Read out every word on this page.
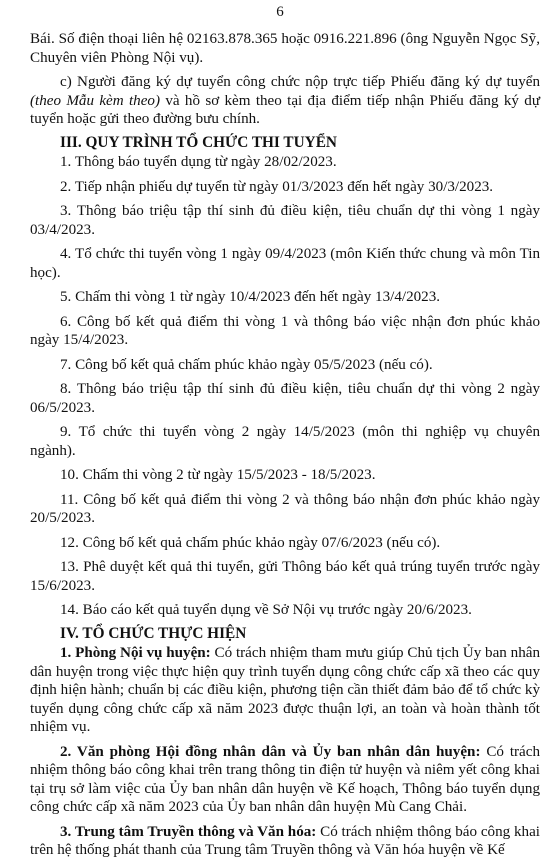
6

Bái. Số điện thoại liên hệ 02163.878.365 hoặc 0916.221.896 (ông Nguyễn Ngọc Sỹ, Chuyên viên Phòng Nội vụ).

c) Người đăng ký dự tuyển công chức nộp trực tiếp Phiếu đăng ký dự tuyển (theo Mẫu kèm theo) và hồ sơ kèm theo tại địa điểm tiếp nhận Phiếu đăng ký dự tuyển hoặc gửi theo đường bưu chính.

III. QUY TRÌNH TỔ CHỨC THI TUYỂN

1. Thông báo tuyển dụng từ ngày 28/02/2023.

2. Tiếp nhận phiếu dự tuyển từ ngày 01/3/2023 đến hết ngày 30/3/2023.

3. Thông báo triệu tập thí sinh đủ điều kiện, tiêu chuẩn dự thi vòng 1 ngày 03/4/2023.

4. Tổ chức thi tuyển vòng 1 ngày 09/4/2023 (môn Kiến thức chung và môn Tin học).

5. Chấm thi vòng 1 từ ngày 10/4/2023 đến hết ngày 13/4/2023.

6. Công bố kết quả điểm thi vòng 1 và thông báo việc nhận đơn phúc khảo ngày 15/4/2023.

7. Công bố kết quả chấm phúc khảo ngày 05/5/2023 (nếu có).

8. Thông báo triệu tập thí sinh đủ điều kiện, tiêu chuẩn dự thi vòng 2 ngày 06/5/2023.

9. Tổ chức thi tuyển vòng 2 ngày 14/5/2023 (môn thi nghiệp vụ chuyên ngành).

10. Chấm thi vòng 2 từ ngày 15/5/2023 - 18/5/2023.

11. Công bố kết quả điểm thi vòng 2 và thông báo nhận đơn phúc khảo ngày 20/5/2023.

12. Công bố kết quả chấm phúc khảo ngày 07/6/2023 (nếu có).

13. Phê duyệt kết quả thi tuyển, gửi Thông báo kết quả trúng tuyển trước ngày 15/6/2023.

14. Báo cáo kết quả tuyển dụng về Sở Nội vụ trước ngày 20/6/2023.

IV. TỔ CHỨC THỰC HIỆN

1. Phòng Nội vụ huyện: Có trách nhiệm tham mưu giúp Chủ tịch Ủy ban nhân dân huyện trong việc thực hiện quy trình tuyển dụng công chức cấp xã theo các quy định hiện hành; chuẩn bị các điều kiện, phương tiện cần thiết đảm bảo để tổ chức kỳ tuyển dụng công chức cấp xã năm 2023 được thuận lợi, an toàn và hoàn thành tốt nhiệm vụ.

2. Văn phòng Hội đồng nhân dân và Ủy ban nhân dân huyện: Có trách nhiệm thông báo công khai trên trang thông tin điện tử huyện và niêm yết công khai tại trụ sở làm việc của Ủy ban nhân dân huyện về Kế hoạch, Thông báo tuyển dụng công chức cấp xã năm 2023 của Ủy ban nhân dân huyện Mù Cang Chải.

3. Trung tâm Truyền thông và Văn hóa: Có trách nhiệm thông báo công khai trên hệ thống phát thanh của Trung tâm Truyền thông và Văn hóa huyện về Kế
